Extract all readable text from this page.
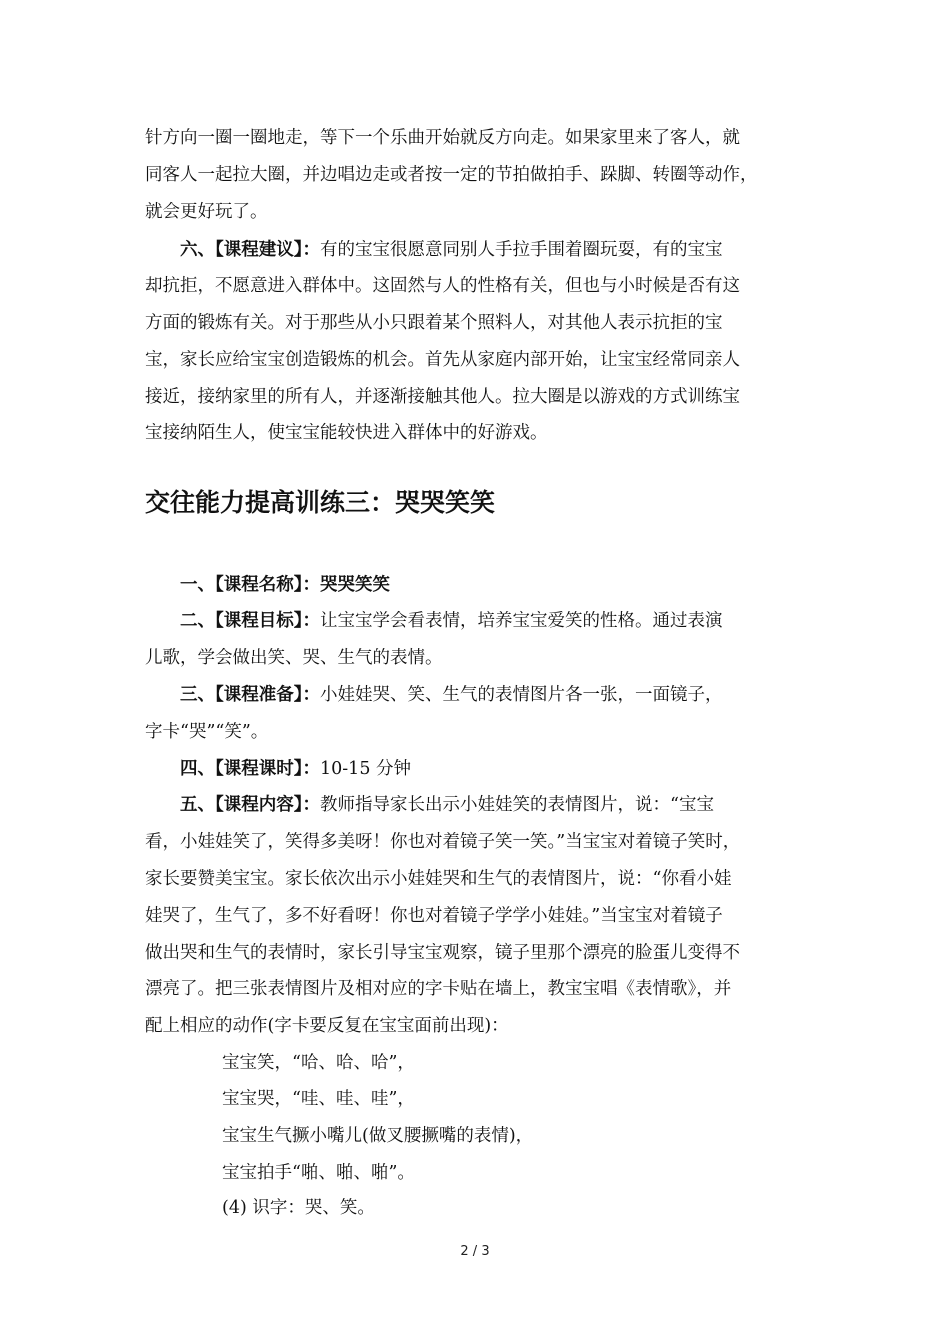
针方向一圈一圈地走，等下一个乐曲开始就反方向走。如果家里来了客人，就
同客人一起拉大圈，并边唱边走或者按一定的节拍做拍手、跺脚、转圈等动作，
就会更好玩了。
六、【课程建议】：有的宝宝很愿意同别人手拉手围着圈玩耍，有的宝宝
却抗拒，不愿意进入群体中。这固然与人的性格有关，但也与小时候是否有这
方面的锻炼有关。对于那些从小只跟着某个照料人，对其他人表示抗拒的宝
宝，家长应给宝宝创造锻炼的机会。首先从家庭内部开始，让宝宝经常同亲人
接近，接纳家里的所有人，并逐渐接触其他人。拉大圈是以游戏的方式训练宝
宝接纳陌生人，使宝宝能较快进入群体中的好游戏。
交往能力提高训练三：哭哭笑笑
一、【课程名称】：哭哭笑笑
二、【课程目标】：让宝宝学会看表情，培养宝宝爱笑的性格。通过表演
儿歌，学会做出笑、哭、生气的表情。
三、【课程准备】：小娃娃哭、笑、生气的表情图片各一张，一面镜子，
字卡“哭”“笑”。
四、【课程课时】：10-15 分钟
五、【课程内容】：教师指导家长出示小娃娃笑的表情图片，说：“宝宝
看，小娃娃笑了，笑得多美呀！你也对着镜子笑一笑。”当宝宝对着镜子笑时，
家长要赞美宝宝。家长依次出示小娃娃哭和生气的表情图片，说：“你看小娃
娃哭了，生气了，多不好看呀！你也对着镜子学学小娃娃。”当宝宝对着镜子
做出哭和生气的表情时，家长引导宝宝观察，镜子里那个漂亮的脸蛋儿变得不
漂亮了。把三张表情图片及相对应的字卡贴在墙上，教宝宝唱《表情歌》，并
配上相应的动作(字卡要反复在宝宝面前出现)：
宝宝笑，“哈、哈、哈”，
宝宝哭，“哇、哇、哇”，
宝宝生气撅小嘴儿(做叉腰撅嘴的表情)，
宝宝拍手“啪、啪、啪”。
(4) 识字：哭、笑。
2 / 3
